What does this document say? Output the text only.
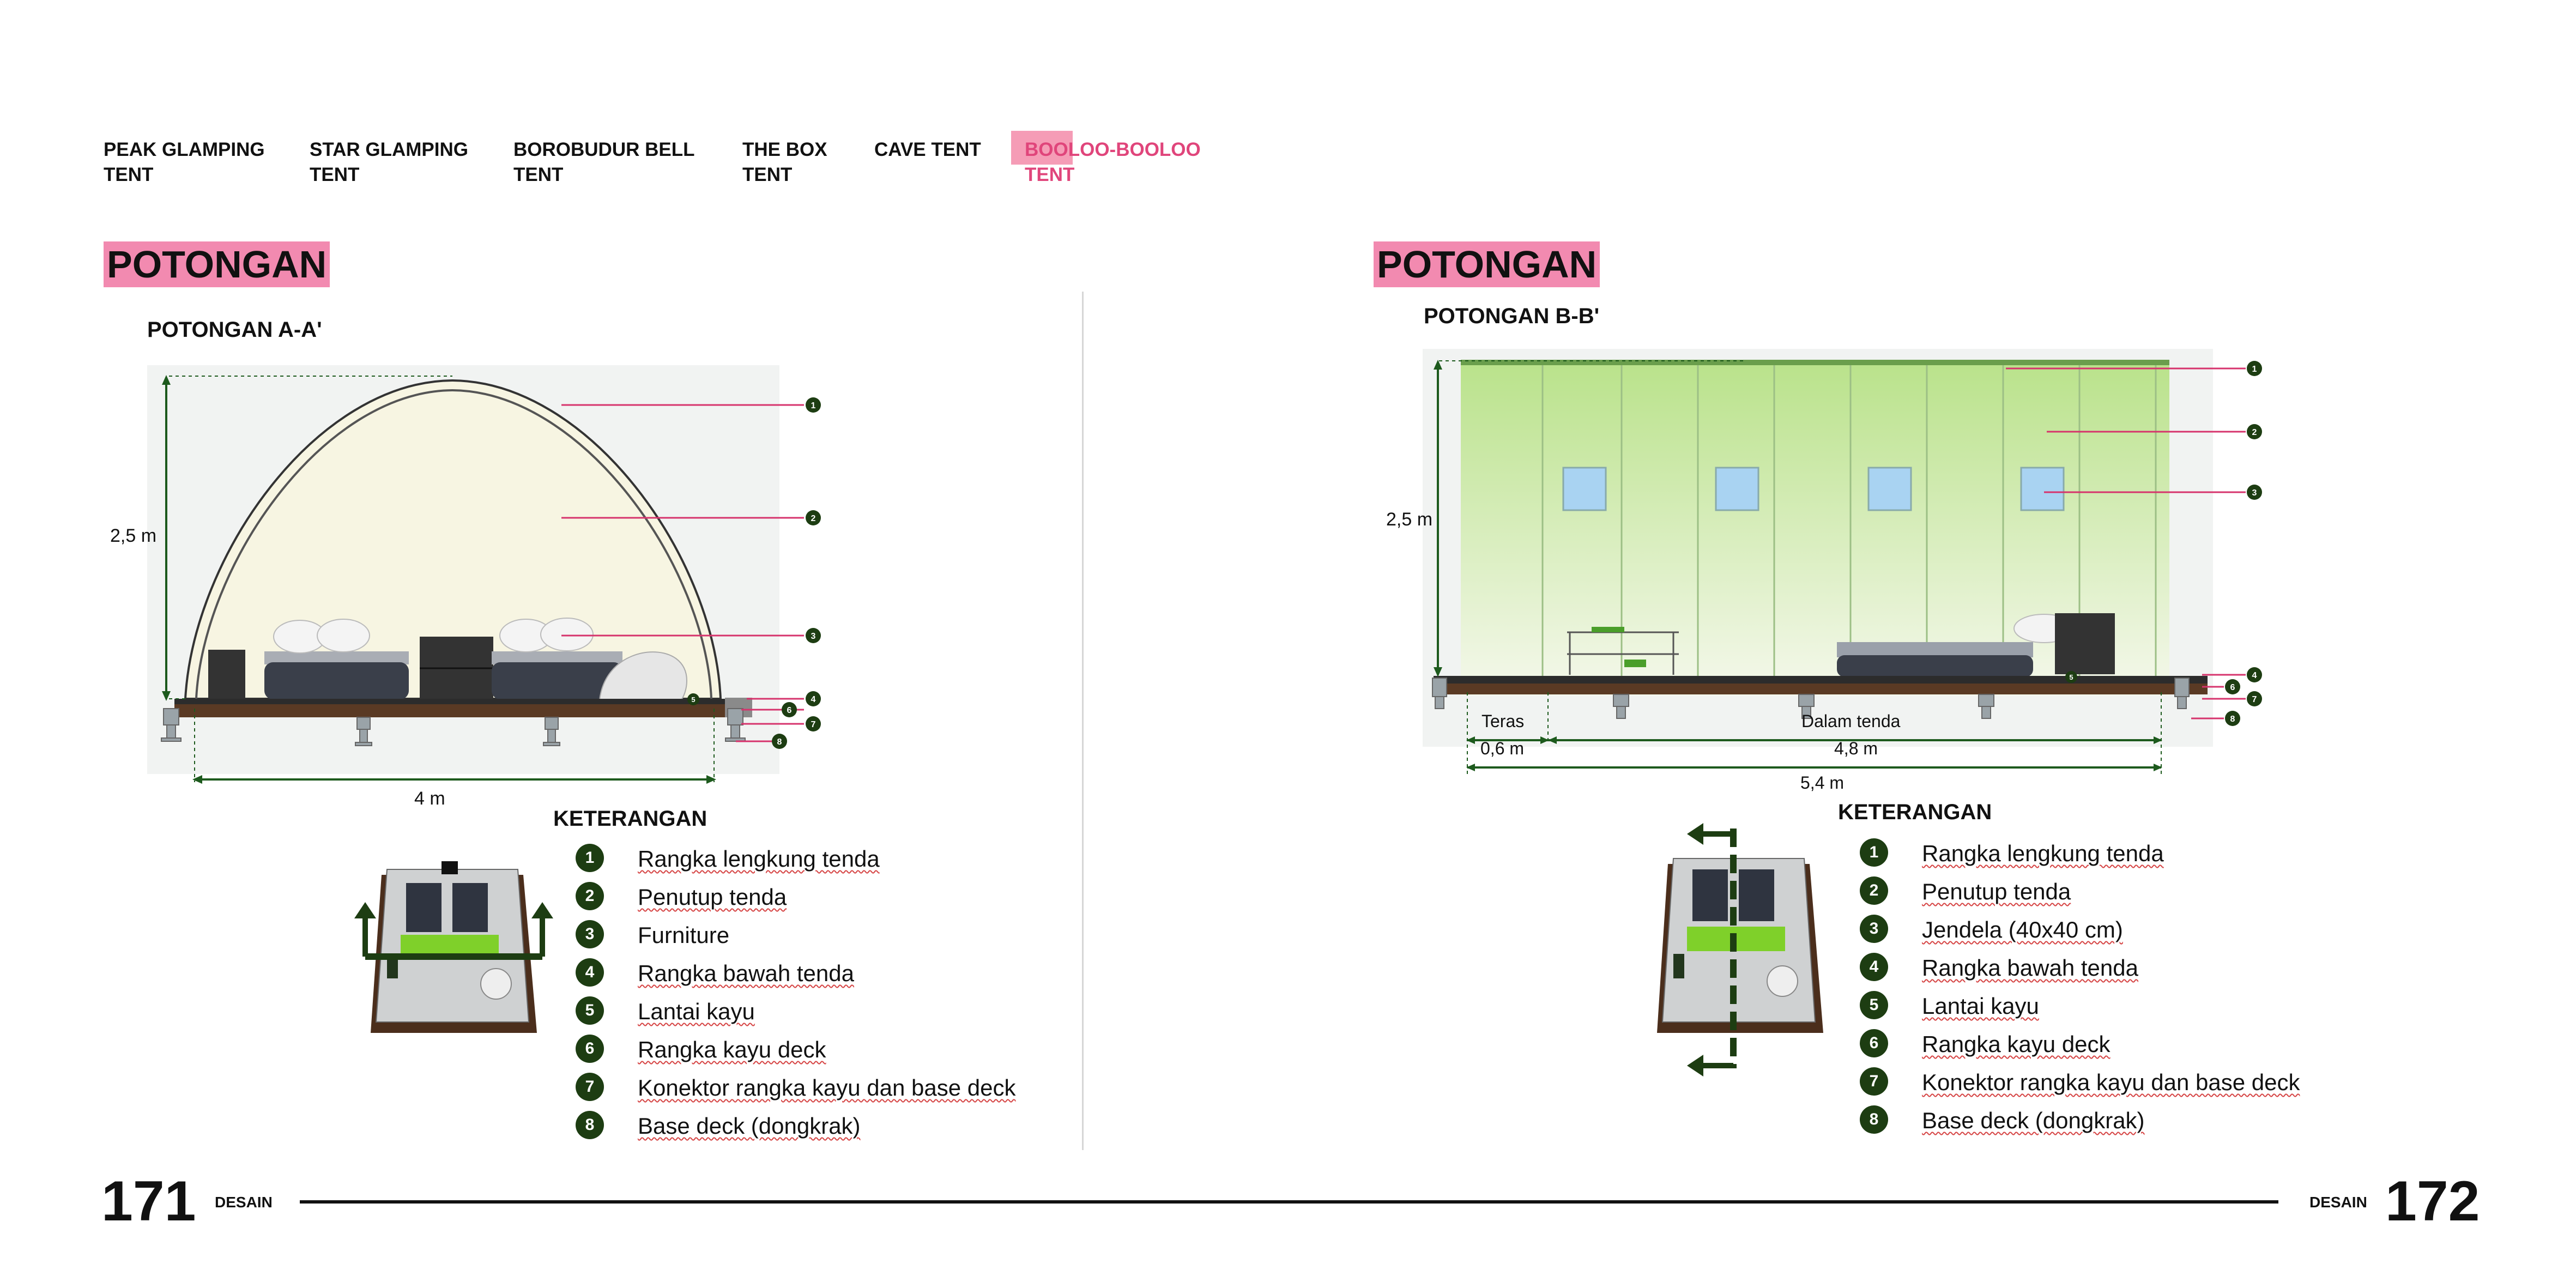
PEAK GLAMPING
TENT
STAR GLAMPING
TENT
BOROBUDUR BELL
TENT
THE BOX
TENT
CAVE TENT BOOLOO-BOOLOO
TENT
POTONGAN
POTONGAN A-A'
1
2
3
4
6
7
8
5
2,5 m
4 m
KETERANGAN
1	Rangka lengkung tenda
2	Penutup tenda
3	Furniture
4	Rangka bawah tenda
5	Lantai kayu
6	Rangka kayu deck
7	Konektor rangka kayu dan base deck
8	Base deck (dongkrak)
POTONGAN
POTONGAN B-B'
1
2
3
4
6
7
8
5
2,5 m
Teras
0,6 m
Dalam tenda
4,8 m
5,4 m
KETERANGAN
1	Rangka lengkung tenda
2	Penutup tenda
3	Jendela (40x40 cm)
4	Rangka bawah tenda
5	Lantai kayu
6	Rangka kayu deck
7	Konektor rangka kayu dan base deck
8	Base deck (dongkrak)
171 DESAIN	DESAIN 172
